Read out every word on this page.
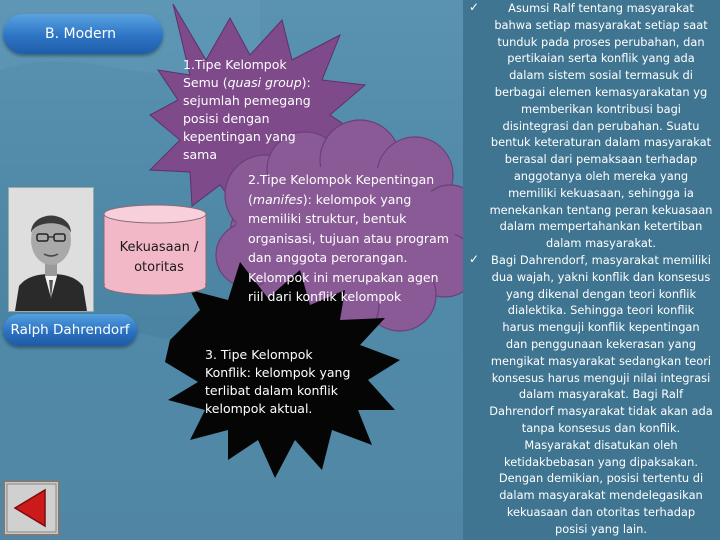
Kekuasaan /
otoritas
B. Modern
1.Tipe Kelompok
Semu (quasi group):
sejumlah pemegang
posisi dengan
kepentingan yang
sama
2.Tipe Kelompok Kepentingan
(manifes): kelompok yang
memiliki struktur, bentuk
organisasi, tujuan atau program
dan anggota perorangan.
Kelompok ini merupakan agen
riil dari konflik kelompok
3. Tipe Kelompok
Konflik: kelompok yang
terlibat dalam konflik
kelompok aktual.
Ralph Dahrendorf
✓	Asumsi Ralf tentang masyarakat
bahwa setiap masyarakat setiap saat
tunduk pada proses perubahan, dan
pertikaian serta konflik yang ada
dalam sistem sosial termasuk di
berbagai elemen kemasyarakatan yg
memberikan kontribusi bagi
disintegrasi dan perubahan. Suatu
bentuk keteraturan dalam masyarakat
berasal dari pemaksaan terhadap
anggotanya oleh mereka yang
memiliki kekuasaan, sehingga ia
menekankan tentang peran kekuasaan
dalam mempertahankan ketertiban
dalam masyarakat.
✓	Bagi Dahrendorf, masyarakat memiliki
dua wajah, yakni konflik dan konsesus
yang dikenal dengan teori konflik
dialektika. Sehingga teori konflik
harus menguji konflik kepentingan
dan penggunaan kekerasan yang
mengikat masyarakat sedangkan teori
konsesus harus menguji nilai integrasi
dalam masyarakat. Bagi Ralf
Dahrendorf masyarakat tidak akan ada
tanpa konsesus dan konflik.
Masyarakat disatukan oleh
ketidakbebasan yang dipaksakan.
Dengan demikian, posisi tertentu di
dalam masyarakat mendelegasikan
kekuasaan dan otoritas terhadap
posisi yang lain.
